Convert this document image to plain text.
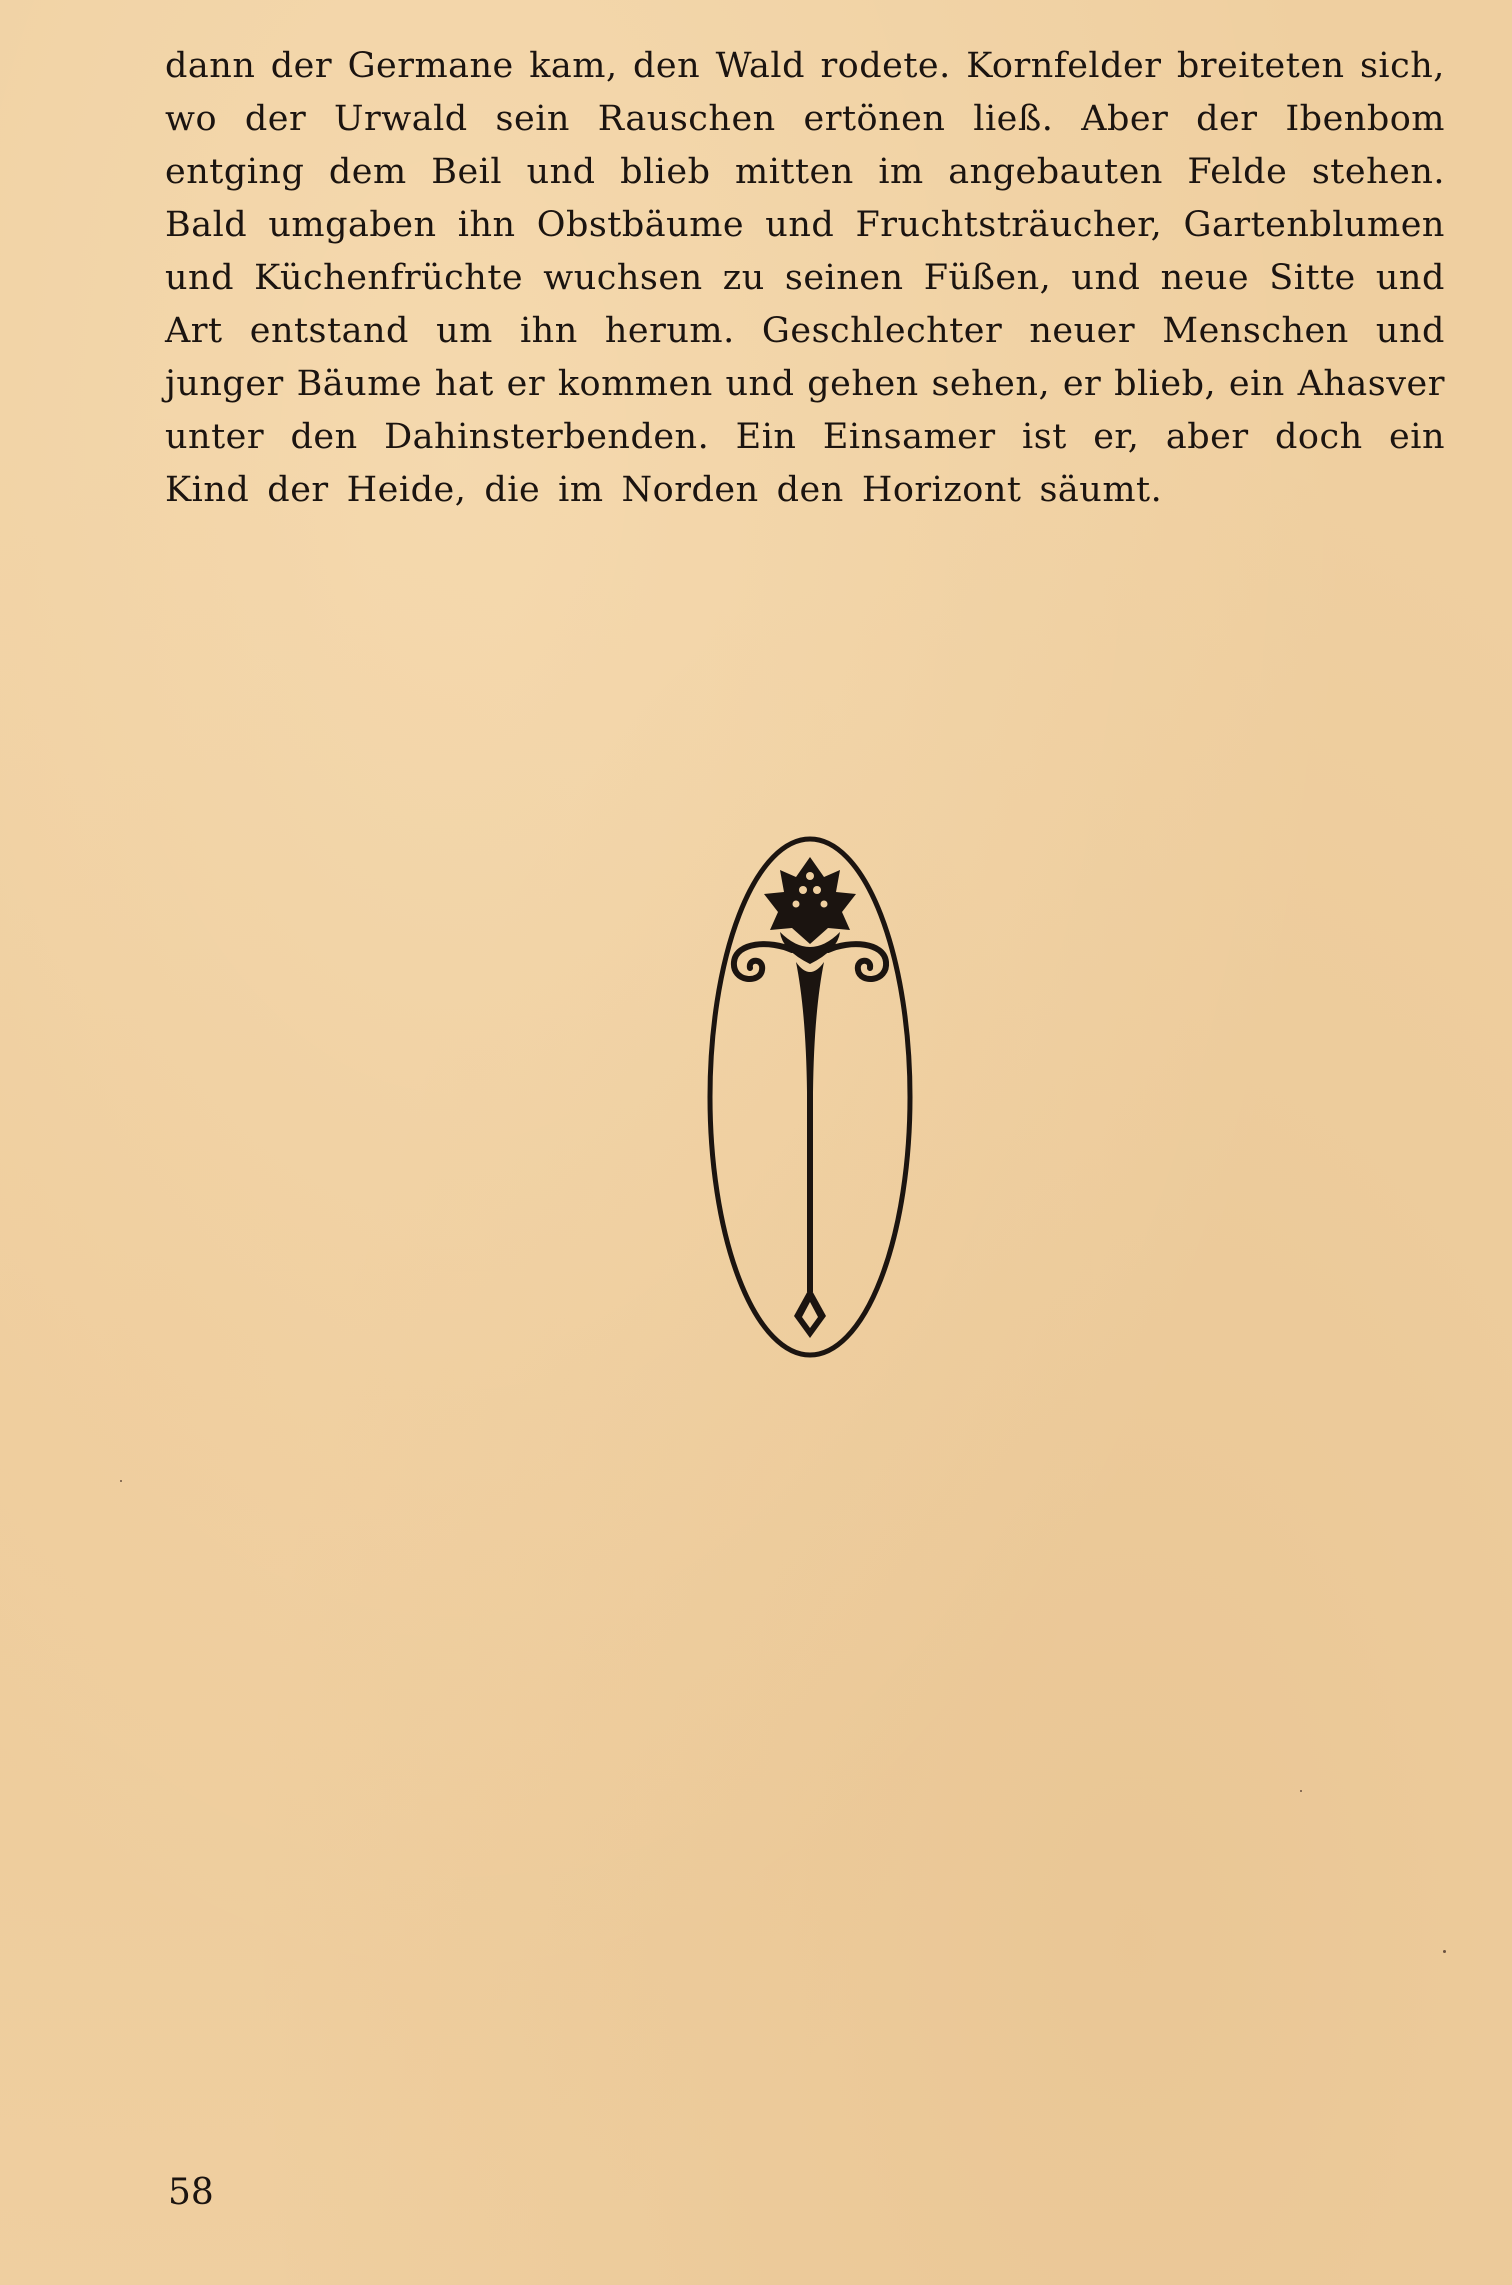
dann der Germane kam, den Wald rodete. Kornfelder breiteten sich,
wo der Urwald sein Rauschen ertönen ließ. Aber der Ibenbom
entging dem Beil und blieb mitten im angebauten Felde stehen.
Bald umgaben ihn Obstbäume und Fruchtsträucher, Gartenblumen
und Küchenfrüchte wuchsen zu seinen Füßen, und neue Sitte und
Art entstand um ihn herum. Geschlechter neuer Menschen und
junger Bäume hat er kommen und gehen sehen, er blieb, ein Ahasver
unter den Dahinsterbenden. Ein Einsamer ist er, aber doch ein
Kind der Heide, die im Norden den Horizont säumt.
58
